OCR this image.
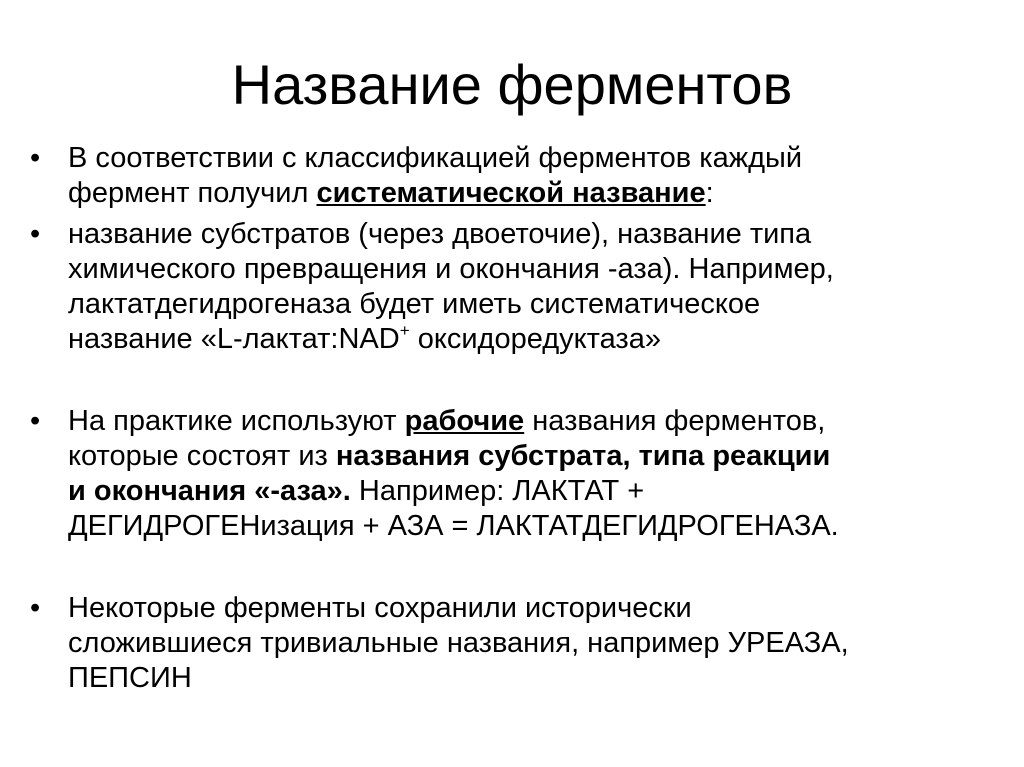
Название ферментов
• В соответствии с классификацией ферментов каждый
фермент получил систематической название:
• название субстратов (через двоеточие), название типа
химического превращения и окончания -аза). Например,
лактатдегидрогеназа будет иметь систематическое
название «L-лактат:NAD+ оксидоредуктаза»
• На практике используют рабочие названия ферментов,
которые состоят из названия субстрата, типа реакции
и окончания «-аза». Например: ЛАКТАТ +
ДЕГИДРОГЕНизация + АЗА = ЛАКТАТДЕГИДРОГЕНАЗА.
• Некоторые ферменты сохранили исторически
сложившиеся тривиальные названия, например УРЕАЗА,
ПЕПСИН
